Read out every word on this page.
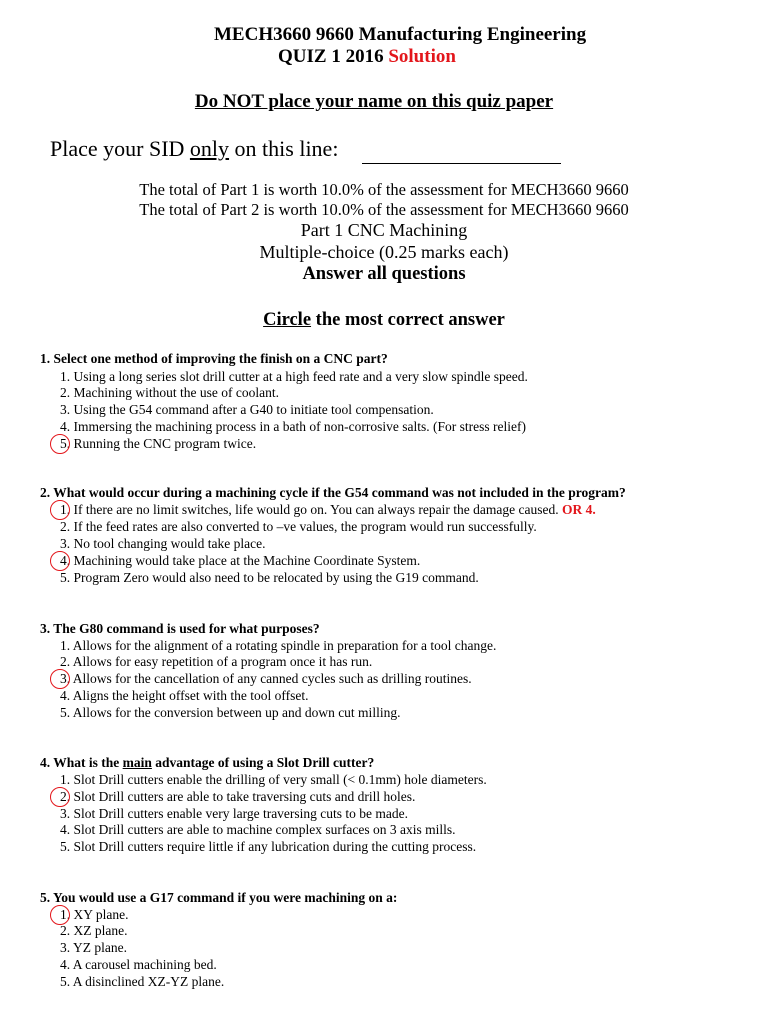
MECH3660 9660 Manufacturing Engineering
QUIZ 1 2016 Solution
Do NOT place your name on this quiz paper
Place your SID only on this line:
The total of Part 1 is worth 10.0% of the assessment for MECH3660 9660
The total of Part 2 is worth 10.0% of the assessment for MECH3660 9660
Part 1 CNC Machining
Multiple-choice (0.25 marks each)
Answer all questions
Circle the most correct answer
1. Select one method of improving the finish on a CNC part?
1. Using a long series slot drill cutter at a high feed rate and a very slow spindle speed.
2. Machining without the use of coolant.
3. Using the G54 command after a G40 to initiate tool compensation.
4. Immersing the machining process in a bath of non-corrosive salts. (For stress relief)
5. Running the CNC program twice.
2. What would occur during a machining cycle if the G54 command was not included in the program?
1. If there are no limit switches, life would go on. You can always repair the damage caused. OR 4.
2. If the feed rates are also converted to –ve values, the program would run successfully.
3. No tool changing would take place.
4. Machining would take place at the Machine Coordinate System.
5. Program Zero would also need to be relocated by using the G19 command.
3. The G80 command is used for what purposes?
1. Allows for the alignment of a rotating spindle in preparation for a tool change.
2. Allows for easy repetition of a program once it has run.
3. Allows for the cancellation of any canned cycles such as drilling routines.
4. Aligns the height offset with the tool offset.
5. Allows for the conversion between up and down cut milling.
4. What is the main advantage of using a Slot Drill cutter?
1. Slot Drill cutters enable the drilling of very small (< 0.1mm) hole diameters.
2. Slot Drill cutters are able to take traversing cuts and drill holes.
3. Slot Drill cutters enable very large traversing cuts to be made.
4. Slot Drill cutters are able to machine complex surfaces on 3 axis mills.
5. Slot Drill cutters require little if any lubrication during the cutting process.
5. You would use a G17 command if you were machining on a:
1. XY plane.
2. XZ plane.
3. YZ plane.
4. A carousel machining bed.
5. A disinclined XZ-YZ plane.
